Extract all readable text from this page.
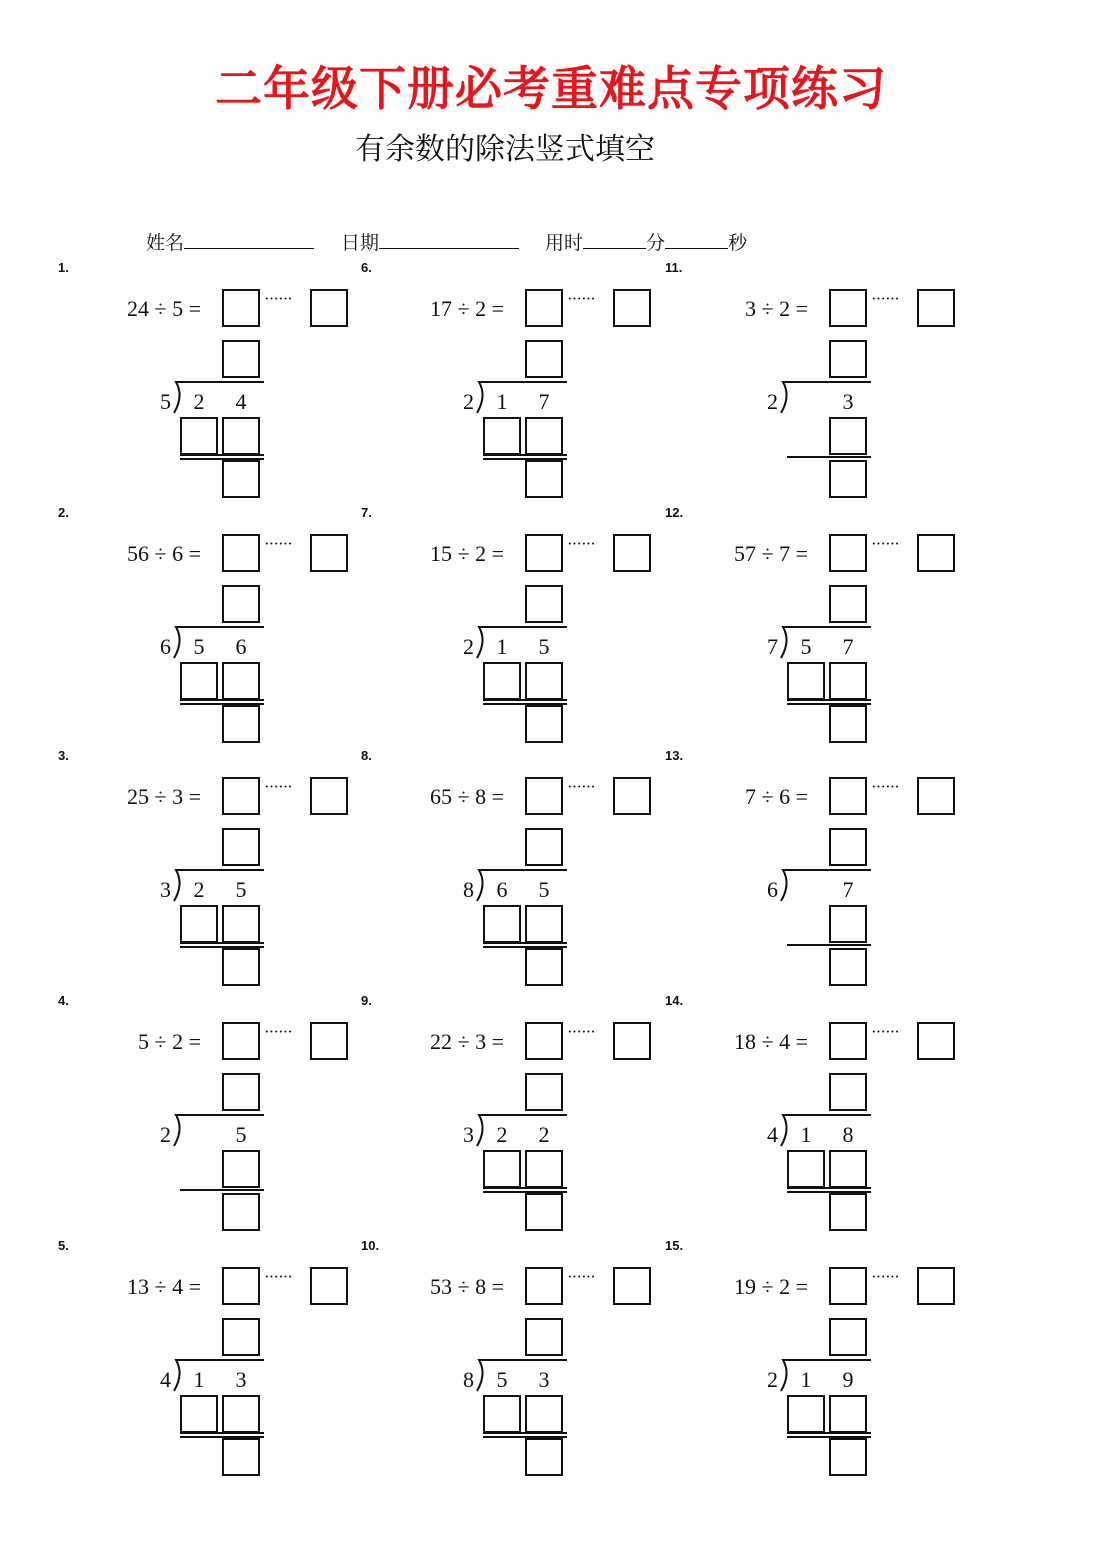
二年级下册必考重难点专项练习
有余数的除法竖式填空
姓名	日期	用时	分	秒
1.
24 ÷ 5 =	······
5 2 4
2.
56 ÷ 6 =	······
6 5 6
3.
25 ÷ 3 =	······
3 2 5
4.
5 ÷ 2 =	······
2	5
5.
13 ÷ 4 =	······
4 1 3
6.
17 ÷ 2 =	······
2 1 7
7.
15 ÷ 2 =	······
2 1 5
8.
65 ÷ 8 =	······
8 6 5
9.
22 ÷ 3 =	······
3 2 2
10.
53 ÷ 8 =	······
8 5 3
11.
3 ÷ 2 =	······
2	3
12.
57 ÷ 7 =	······
7 5 7
13.
7 ÷ 6 =	······
6	7
14.
18 ÷ 4 =	······
4 1 8
15.
19 ÷ 2 =	······
2 1 9
